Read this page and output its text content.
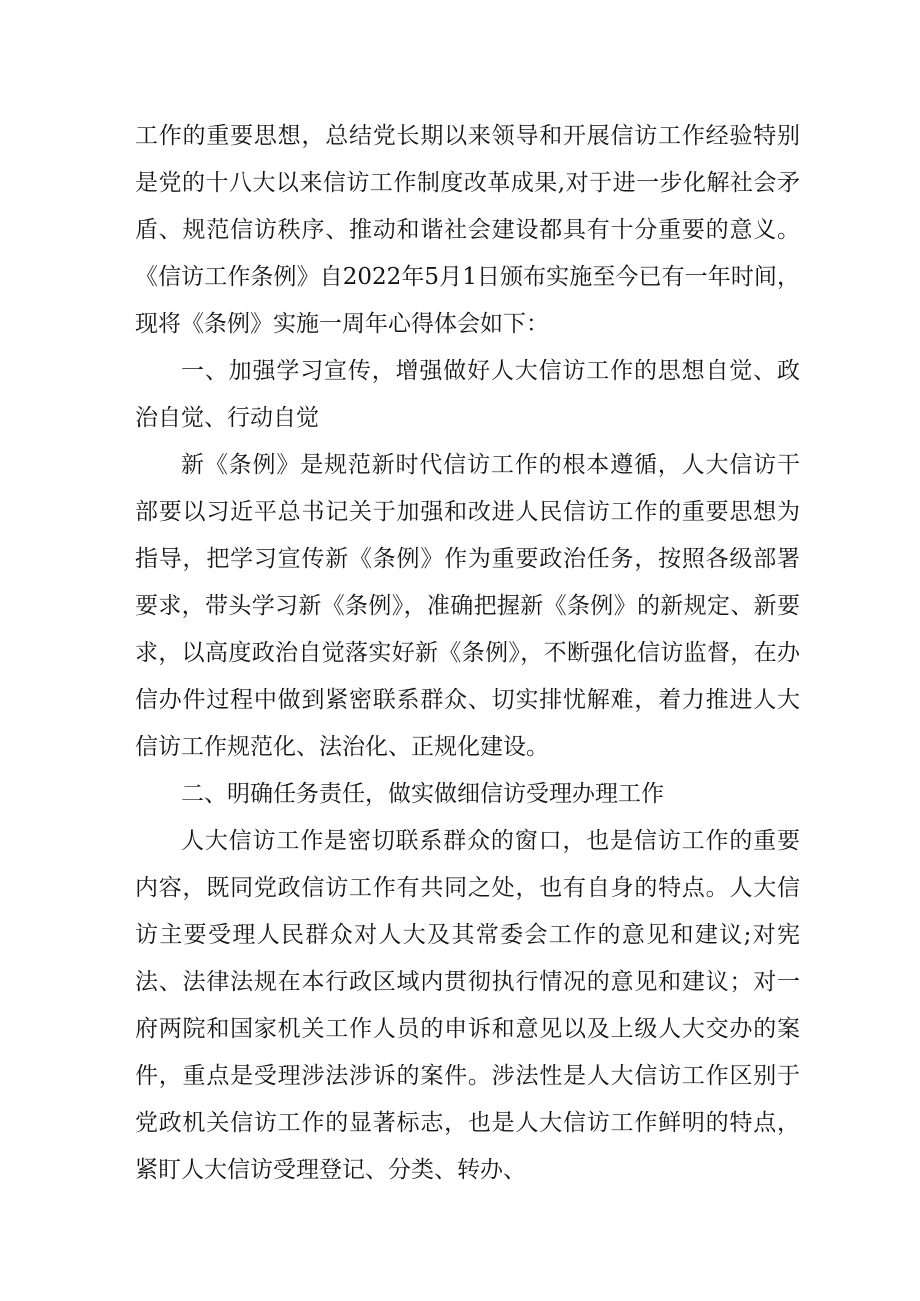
工作的重要思想，总结党长期以来领导和开展信访工作经验特别是党的十八大以来信访工作制度改革成果,对于进一步化解社会矛盾、规范信访秩序、推动和谐社会建设都具有十分重要的意义。《信访工作条例》自2022年5月1日颁布实施至今已有一年时间，现将《条例》实施一周年心得体会如下：

一、加强学习宣传，增强做好人大信访工作的思想自觉、政治自觉、行动自觉

新《条例》是规范新时代信访工作的根本遵循，人大信访干部要以习近平总书记关于加强和改进人民信访工作的重要思想为指导，把学习宣传新《条例》作为重要政治任务，按照各级部署要求，带头学习新《条例》，准确把握新《条例》的新规定、新要求，以高度政治自觉落实好新《条例》，不断强化信访监督，在办信办件过程中做到紧密联系群众、切实排忧解难，着力推进人大信访工作规范化、法治化、正规化建设。

二、明确任务责任，做实做细信访受理办理工作

人大信访工作是密切联系群众的窗口，也是信访工作的重要内容，既同党政信访工作有共同之处，也有自身的特点。人大信访主要受理人民群众对人大及其常委会工作的意见和建议;对宪法、法律法规在本行政区域内贯彻执行情况的意见和建议；对一府两院和国家机关工作人员的申诉和意见以及上级人大交办的案件，重点是受理涉法涉诉的案件。涉法性是人大信访工作区别于党政机关信访工作的显著标志，也是人大信访工作鲜明的特点，紧盯人大信访受理登记、分类、转办、
